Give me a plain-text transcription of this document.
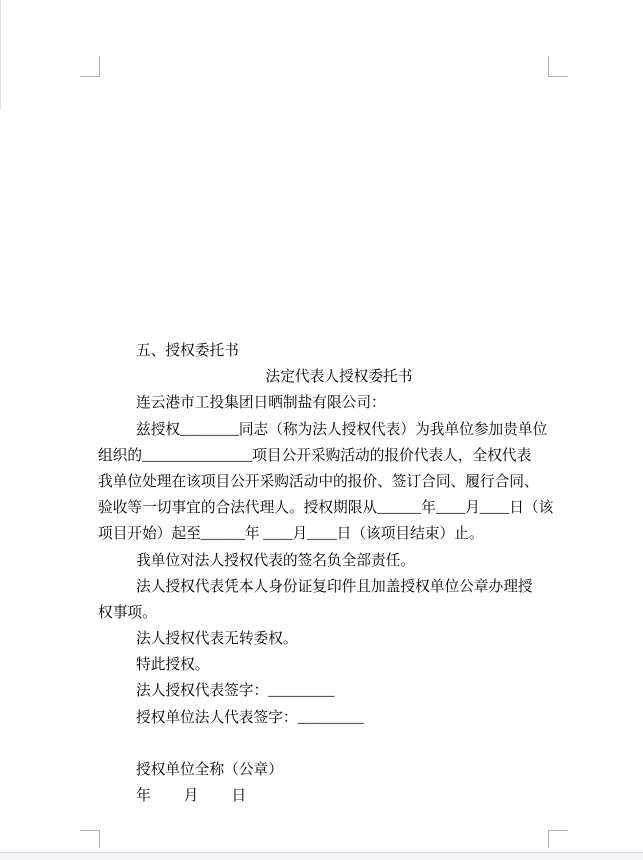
五、授权委托书
法定代表人授权委托书
连云港市工投集团日晒制盐有限公司：
兹授权________同志（称为法人授权代表）为我单位参加贵单位
组织的_______________项目公开采购活动的报价代表人，全权代表
我单位处理在该项目公开采购活动中的报价、签订合同、履行合同、
验收等一切事宜的合法代理人。授权期限从______年____月____日（该
项目开始）起至______年 ____月____日（该项目结束）止。
我单位对法人授权代表的签名负全部责任。
法人授权代表凭本人身份证复印件且加盖授权单位公章办理授
权事项。
法人授权代表无转委权。
特此授权。
法人授权代表签字：_________
授权单位法人代表签字：_________
授权单位全称（公章）
年　　 月　　 日
